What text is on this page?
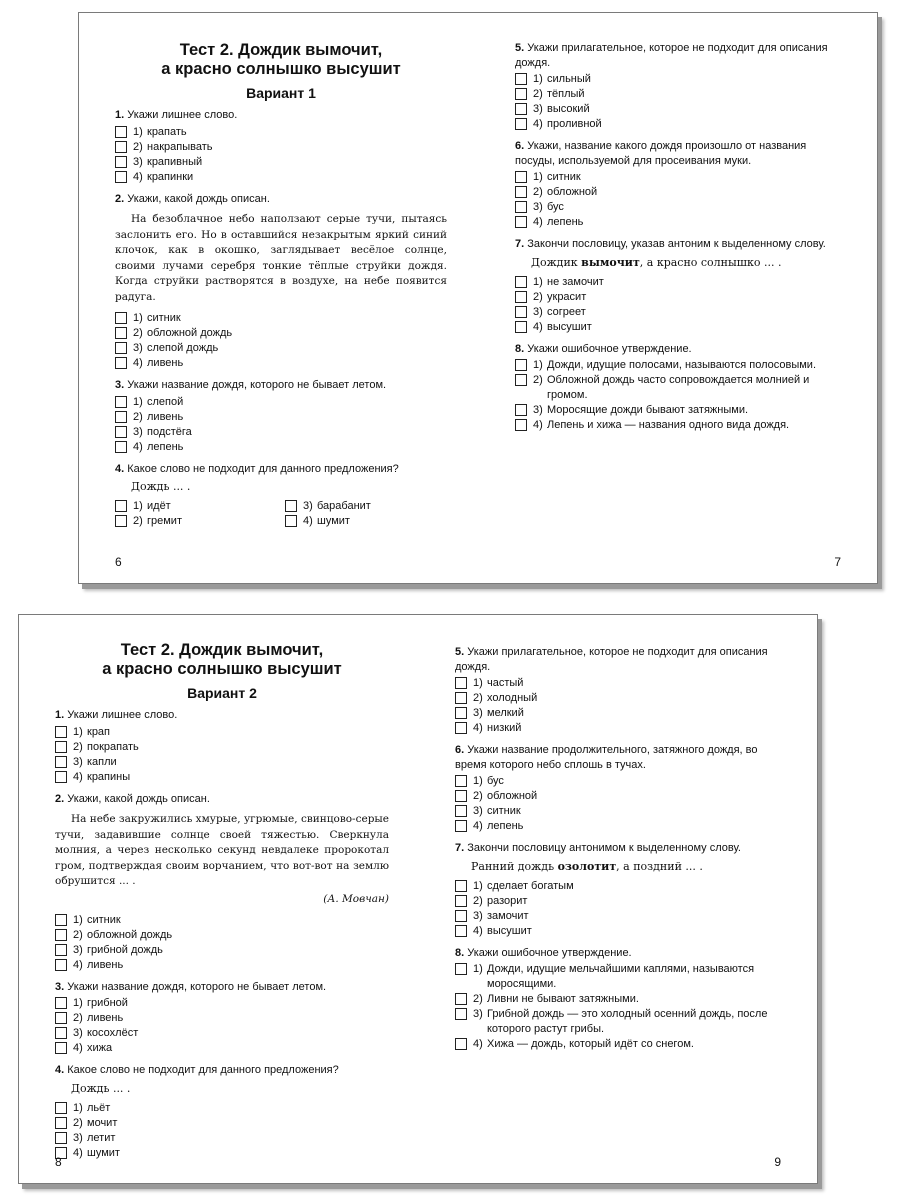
Тест 2. Дождик вымочит,
а красно солнышко высушит

Вариант 1

1. Укажи лишнее слово.

1) крапать
2) накрапывать
3) крапивный
4) крапинки

2. Укажи, какой дождь описан.

На безоблачное небо наползают серые тучи, пытаясь заслонить его. Но в оставшийся незакрытым яркий синий клочок, как в окошко, заглядывает весёлое солнце, своими лучами серебря тонкие тёплые струйки дождя. Когда струйки растворятся в воздухе, на небе появится радуга.

1) ситник
2) обложной дождь
3) слепой дождь
4) ливень

3. Укажи название дождя, которого не бывает летом.

1) слепой
2) ливень
3) подстёга
4) лепень

4. Какое слово не подходит для данного предложения?

Дождь ... .

1) идёт
2) гремит
3) барабанит
4) шумит
6

5. Укажи прилагательное, которое не подходит для описания дождя.

1) сильный
2) тёплый
3) высокий
4) проливной

6. Укажи, название какого дождя произошло от названия посуды, используемой для просеивания муки.

1) ситник
2) обложной
3) бус
4) лепень

7. Закончи пословицу, указав антоним к выделенному слову.

Дождик вымочит, а красно солнышко ... .

1) не замочит
2) украсит
3) согреет
4) высушит

8. Укажи ошибочное утверждение.

1) Дожди, идущие полосами, называются полосовыми.
2) Обложной дождь часто сопровождается молнией и громом.
3) Моросящие дожди бывают затяжными.
4) Лепень и хижа — названия одного вида дождя.
7

Тест 2. Дождик вымочит,
а красно солнышко высушит

Вариант 2

1. Укажи лишнее слово.

1) крап
2) покрапать
3) капли
4) крапины

2. Укажи, какой дождь описан.

На небе закружились хмурые, угрюмые, свинцово-серые тучи, задавившие солнце своей тяжестью. Сверкнула молния, а через несколько секунд невдалеке пророкотал гром, подтверждая своим ворчанием, что вот-вот на землю обрушится ... .

(А. Мовчан)

1) ситник
2) обложной дождь
3) грибной дождь
4) ливень

3. Укажи название дождя, которого не бывает летом.

1) грибной
2) ливень
3) косохлёст
4) хижа

4. Какое слово не подходит для данного предложения?

Дождь ... .

1) льёт
2) мочит
3) летит
4) шумит
8

5. Укажи прилагательное, которое не подходит для описания дождя.

1) частый
2) холодный
3) мелкий
4) низкий

6. Укажи название продолжительного, затяжного дождя, во время которого небо сплошь в тучах.

1) бус
2) обложной
3) ситник
4) лепень

7. Закончи пословицу антонимом к выделенному слову.

Ранний дождь озолотит, а поздний ... .

1) сделает богатым
2) разорит
3) замочит
4) высушит

8. Укажи ошибочное утверждение.

1) Дожди, идущие мельчайшими каплями, называются моросящими.
2) Ливни не бывают затяжными.
3) Грибной дождь — это холодный осенний дождь, после которого растут грибы.
4) Хижа — дождь, который идёт со снегом.
9
